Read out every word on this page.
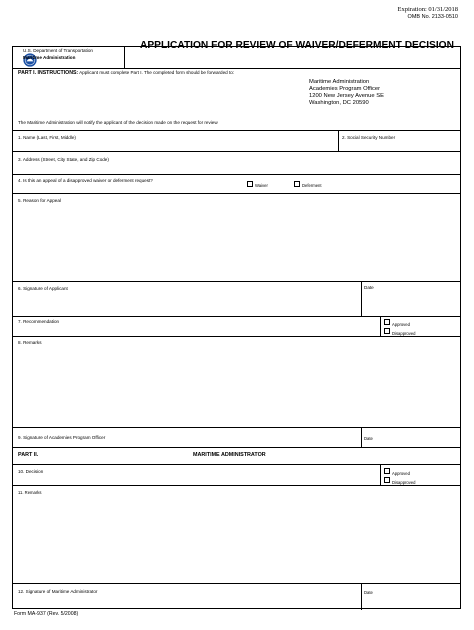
Expiration: 01/31/2018
OMB No. 2133-0510
U.S. Department of Transportation
Maritime Administration
APPLICATION FOR REVIEW OF WAIVER/DEFERMENT DECISION
PART I. INSTRUCTIONS: Applicant must complete Part I. The completed form should be forwarded to:
Maritime Administration
Academies Program Officer
1200 New Jersey Avenue SE
Washington, DC 20590
The Maritime Administration will notify the applicant of the decision made on the request for review
1. Name (Last, First, Middle)	2. Social Security Number
3. Address (Street, City State, and Zip Code)
4. Is this an appeal of a disapproved waiver or deferment request?
Waiver	Deferment
5. Reason for Appeal
6. Signature of Applicant	Date
7. Recommendation
Approved
Disapproved
8. Remarks
9. Signature of Academies Program Officer	Date
PART II.	MARITIME ADMINISTRATOR
10. Decision	Approved
Disapproved
11. Remarks
12. Signature of Maritime Administrator	Date
Form MA-937 (Rev. 5/2008)
